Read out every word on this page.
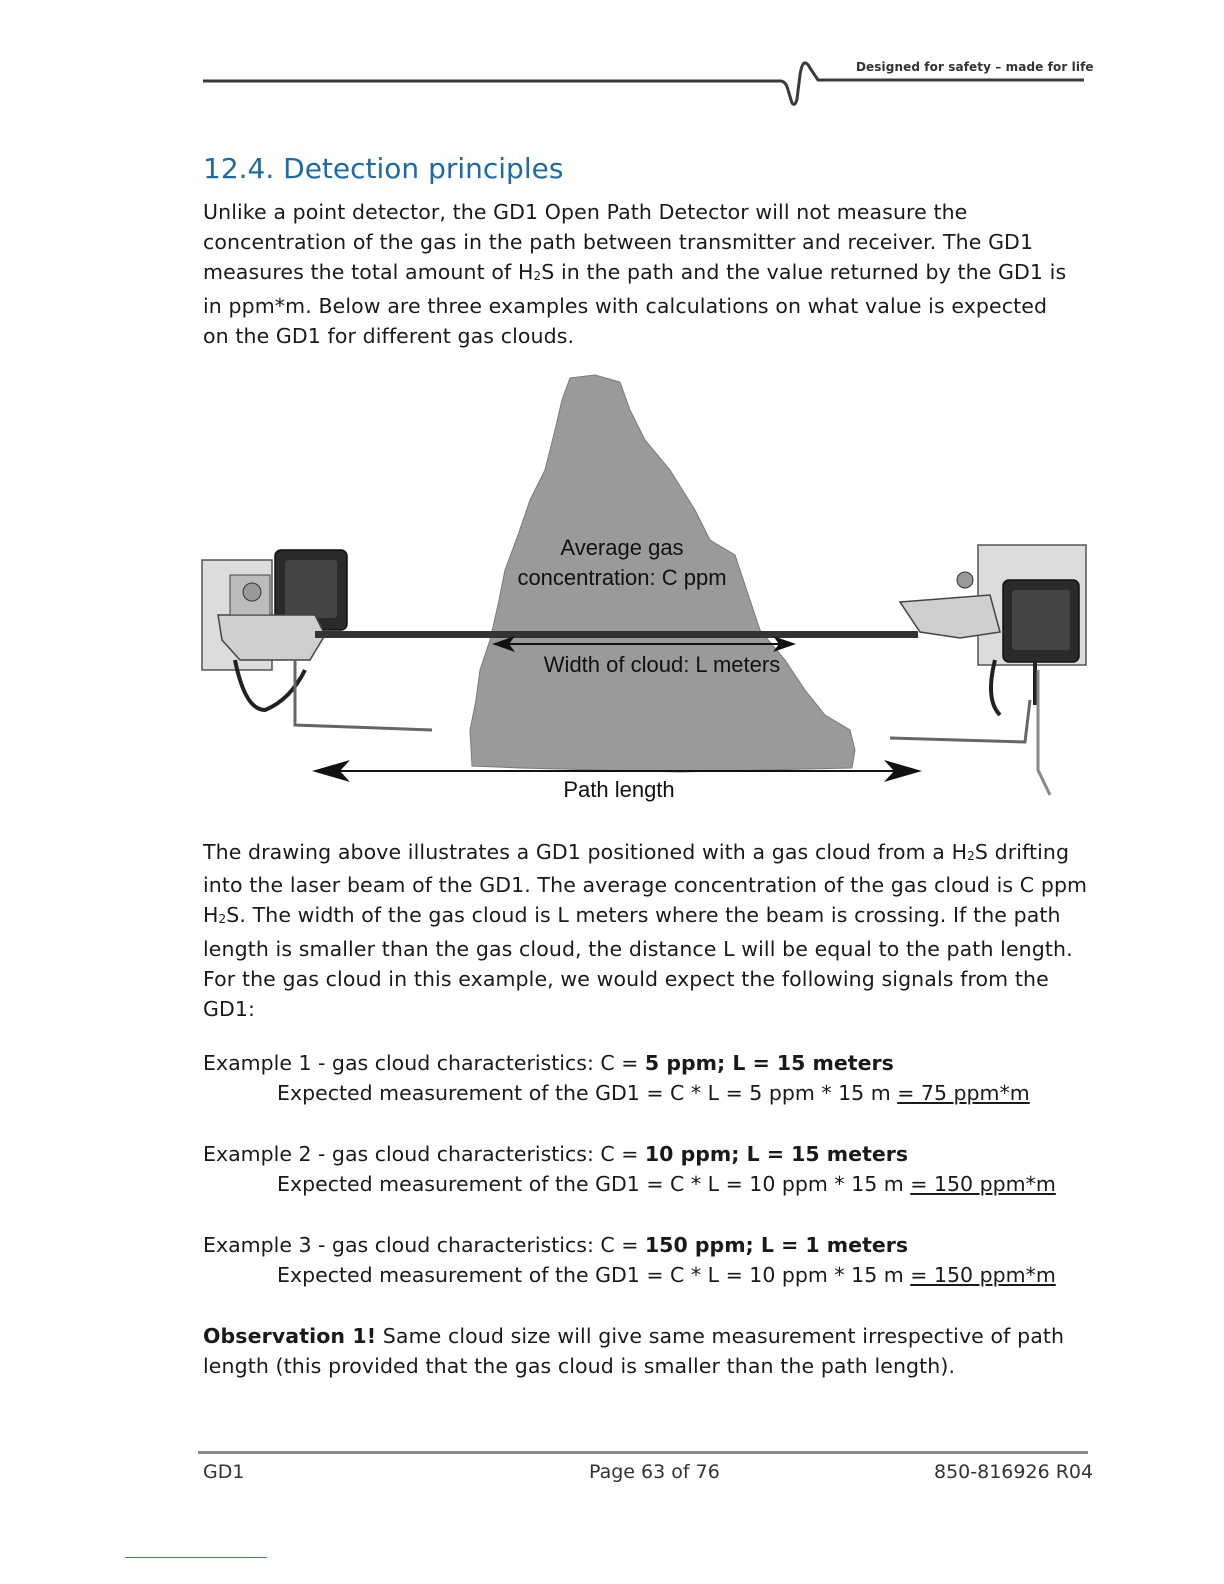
Designed for safety – made for life
12.4. Detection principles
Unlike a point detector, the GD1 Open Path Detector will not measure the
concentration of the gas in the path between transmitter and receiver. The GD1
measures the total amount of $H_2S$ in the path and the value returned by the GD1 is
in ppm*m. Below are three examples with calculations on what value is expected
on the GD1 for different gas clouds.
Average gas
concentration: C ppm
Width of cloud: L meters
Path length
The drawing above illustrates a GD1 positioned with a gas cloud from a $H_2S$ drifting
into the laser beam of the GD1. The average concentration of the gas cloud is C ppm
$H_2S$. The width of the gas cloud is L meters where the beam is crossing. If the path
length is smaller than the gas cloud, the distance L will be equal to the path length.
For the gas cloud in this example, we would expect the following signals from the
GD1:
Example 1 - gas cloud characteristics: C = 5 ppm; L = 15 meters
Expected measurement of the GD1 = C * L = 5 ppm * 15 m = 75 ppm*m
Example 2 - gas cloud characteristics: C = 10 ppm; L = 15 meters
Expected measurement of the GD1 = C * L = 10 ppm * 15 m = 150 ppm*m
Example 3 - gas cloud characteristics: C = 150 ppm; L = 1 meters
Expected measurement of the GD1 = C * L = 10 ppm * 15 m = 150 ppm*m
Observation 1! Same cloud size will give same measurement irrespective of path
length (this provided that the gas cloud is smaller than the path length).
GD1	Page 63 of 76	850-816926 R04
